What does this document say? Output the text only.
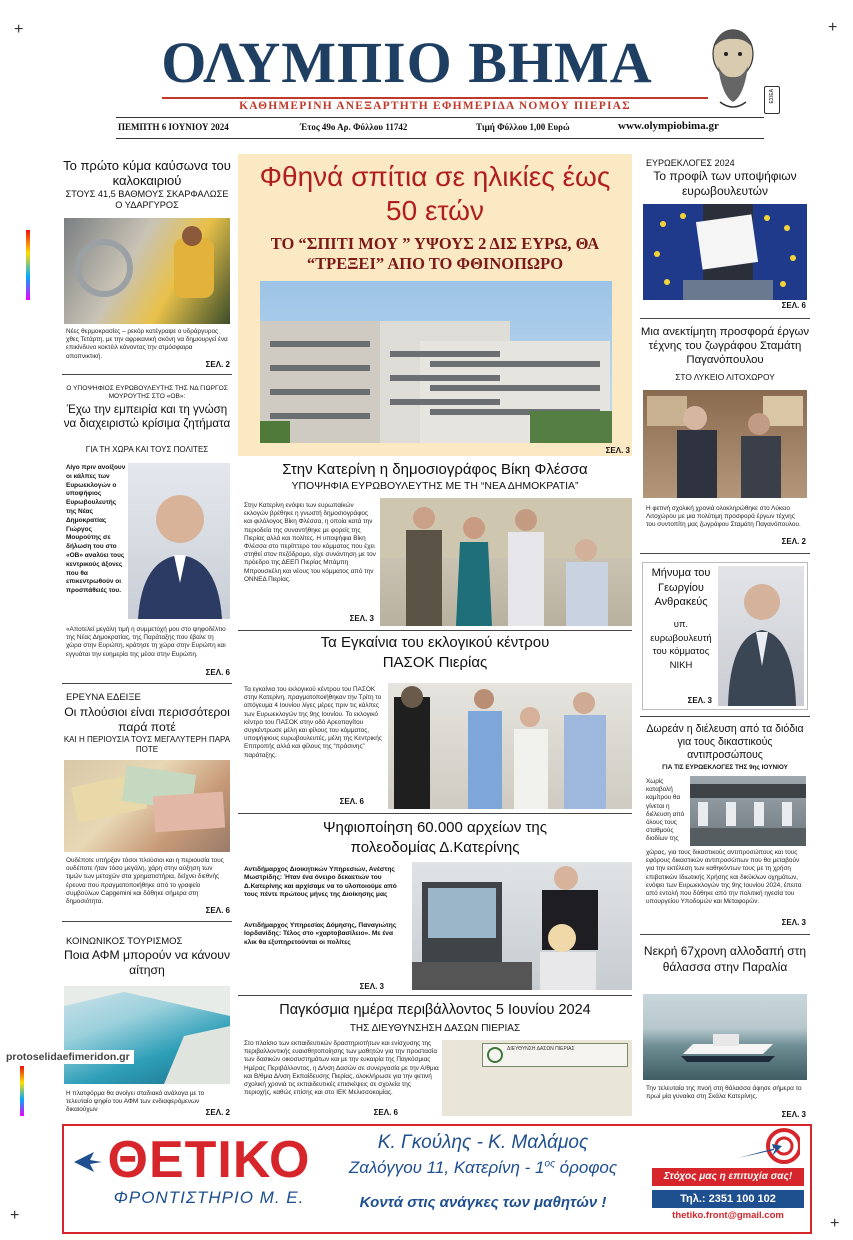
+	+
+	+
ΟΛΥΜΠΙΟ ΒΗΜΑ
ΕΣΙΕΑ
ΚΑΘΗΜΕΡΙΝΗ ΑΝΕΞΑΡΤΗΤΗ ΕΦΗΜΕΡΙΔΑ ΝΟΜΟΥ ΠΙΕΡΙΑΣ
ΠΕΜΠΤΗ 6 ΙΟΥΝΙΟΥ 2024	Έτος 49ο Αρ. Φύλλου 11742	Τιμή Φύλλου 1,00 Ευρώ	www.olympiobima.gr
Το πρώτο κύμα καύσωνα του καλοκαιριού
ΣΤΟΥΣ 41,5 ΒΑΘΜΟΥΣ ΣΚΑΡΦΑΛΩΣΕ Ο ΥΔΑΡΓΥΡΟΣ
Νέες θερμοκρασίες – ρεκόρ κατέγραψε ο υδράργυρος χθες Τετάρτη, με την αφρικανική σκόνη να δημιουργεί ένα επικίνδυνο κοκτέιλ κάνοντας την ατμόσφαιρα αποπνικτική.
ΣΕΛ. 2
Ο ΥΠΟΨΗΦΙΟΣ ΕΥΡΩΒΟΥΛΕΥΤΗΣ ΤΗΣ ΝΔ ΓΙΩΡΓΟΣ ΜΟΥΡΟΥΤΗΣ ΣΤΟ «ΟΒ»:
Έχω την εμπειρία και τη γνώση να διαχειριστώ κρίσιμα ζητήματα
ΓΙΑ ΤΗ ΧΩΡΑ ΚΑΙ ΤΟΥΣ ΠΟΛΙΤΕΣ
Λίγο πριν ανοίξουν οι κάλπες των Ευρωεκλογών ο υποψήφιος Ευρωβουλευτής της Νέας Δημοκρατίας Γιώργος Μουρούτης σε δήλωση του στο «ΟΒ» αναλύει τους κεντρικούς άξονες που θα επικεντρωθούν οι προσπάθειές του.
«Αποτελεί μεγάλη τιμή η συμμετοχή μου στο ψηφοδέλτιο της Νέας Δημοκρατίας, της Παράταξης που έβαλε τη χώρα στην Ευρώπη, κράτησε τη χώρα στην Ευρώπη και εγγυάται την ευημερία της μέσα στην Ευρώπη.
ΣΕΛ. 6
ΕΡΕΥΝΑ ΕΔΕΙΞΕ
Οι πλούσιοι είναι περισσότεροι παρά ποτέ
ΚΑΙ Η ΠΕΡΙΟΥΣΙΑ ΤΟΥΣ ΜΕΓΑΛΥΤΕΡΗ ΠΑΡΑ ΠΟΤΕ
Ουδέποτε υπήρξαν τόσοι πλούσιοι και η περιουσία τους ουδέποτε ήταν τόσο μεγάλη, χάρη στην αύξηση των τιμών των μετοχών στα χρηματιστήρια, δείχνει διεθνής έρευνα που πραγματοποιήθηκε από το γραφείο συμβούλων Capgemini και δόθηκε σήμερα στη δημοσιότητα.
ΣΕΛ. 6
ΚΟΙΝΩΝΙΚΟΣ ΤΟΥΡΙΣΜΟΣ
Ποια ΑΦΜ μπορούν να κάνουν αίτηση
Η πλατφόρμα θα ανοίγει σταδιακά ανάλογα με το τελευταίο ψηφίο του ΑΦΜ των ενδιαφερόμενων δικαιούχων	ΣΕΛ. 2
protoselidaefimeridon.gr
Φθηνά σπίτια σε ηλικίες έως 50 ετών
ΤΟ “ΣΠΙΤΙ ΜΟΥ ” ΥΨΟΥΣ 2 ΔΙΣ ΕΥΡΩ, ΘΑ “ΤΡΕΞΕΙ” ΑΠΟ ΤΟ ΦΘΙΝΟΠΩΡΟ
ΣΕΛ. 3
Στην Κατερίνη η δημοσιογράφος Βίκη Φλέσσα
ΥΠΟΨΗΦΙΑ ΕΥΡΩΒΟΥΛΕΥΤΗΣ ΜΕ ΤΗ “ΝΕΑ ΔΗΜΟΚΡΑΤΙΑ”
Στην Κατερίνη ενόψει των ευρωπαϊκών εκλογών βρέθηκε η γνωστή δημοσιογράφος και φιλόλογος Βίκη Φλέσσα, η οποία κατά την περιοδεία της συναντήθηκε με φορείς της Πιερίας αλλά και πολίτες. Η υποψήφια Βίκη Φλέσσα στο περίπτερο του κόμματος που έχει στηθεί στον πεζόδρομο, είχε συνάντηση με τον πρόεδρο της ΔΕΕΠ Πιερίας Μπάμπη Μπρουσκέλη και νέους του κόμματος από την ΟΝΝΕΔ Πιερίας.
ΣΕΛ. 3
Τα Εγκαίνια του εκλογικού κέντρου ΠΑΣΟΚ Πιερίας
Τα εγκαίνια του εκλογικού κέντρου του ΠΑΣΟΚ στην Κατερίνη, πραγματοποιήθηκαν την Τρίτη το απόγευμα 4 Ιουνίου λίγες μέρες πριν τις κάλπες των Ευρωεκλογών της 9ης Ιουνίου. Το εκλογικό κέντρο του ΠΑΣΟΚ στην οδό Αρεοπαγίτου συγκέντρωσε μέλη και φίλους του κόμματος, υποψήφιους ευρωβουλευτές, μέλη της Κεντρικής Επιτροπής αλλά και φίλους της “πράσινης” παράταξης.
ΣΕΛ. 6
Ψηφιοποίηση 60.000 αρχείων της πολεοδομίας Δ.Κατερίνης
Αντιδήμαρχος Διοικητικών Υπηρεσιών, Ανέστης Μωστρίδης: Ήταν ένα όνειρο δεκαετιών του Δ.Κατερίνης και αρχίσαμε να το υλοποιούμε από τους πέντε πρώτους μήνες της Διοίκησης μας
Αντιδήμαρχος Υπηρεσίας Δόμησης, Παναγιώτης Ιορδανίδης: Τέλος στο «χαρτοβασίλειο». Με ένα κλικ θα εξυπηρετούνται οι πολίτες
ΣΕΛ. 3
Παγκόσμια ημέρα περιβάλλοντος 5 Ιουνίου 2024
ΤΗΣ ΔΙΕΥΘΥΝΣΗΣΗ ΔΑΣΩΝ ΠΙΕΡΙΑΣ
Στο πλαίσιο των εκπαιδευτικών δραστηριοτήτων και ενίσχυσης της περιβαλλοντικής ευαισθητοποίησης των μαθητών για την προστασία των δασικών οικοσυστημάτων και με την ευκαιρία της Παγκόσμιας Ημέρας Περιβάλλοντος, η Δ/νση Δασών σε συνεργασία με την Α/θμια και Β/θμια Δ/νση Εκπαίδευσης Πιερίας, ολοκλήρωσε για την φετινή σχολική χρονιά τις εκπαιδευτικές επισκέψεις σε σχολεία της περιοχής, καθώς επίσης και στο ΙΕΚ Μελισσοκομίας.
ΔΙΕΥΘΥΝΣΗ ΔΑΣΩΝ ΠΙΕΡΙΑΣ
ΣΕΛ. 6
ΕΥΡΩΕΚΛΟΓΕΣ 2024
Το προφίλ των υποψήφιων ευρωβουλευτών
ΣΕΛ. 6
Μια ανεκτίμητη προσφορά έργων τέχνης του ζωγράφου Σταμάτη Παγανόπουλου
ΣΤΟ ΛΥΚΕΙΟ ΛΙΤΟΧΩΡΟΥ
Η φετινή σχολική χρονιά ολοκληρώθηκε στο Λύκειο Λιτοχώρου με μια πολύτιμη προσφορά έργων τέχνης του συντοπίτη μας ζωγράφου Σταμάτη Παγανόπουλου.
ΣΕΛ. 2
Μήνυμα του Γεωργίου Ανθρακεύς
υπ. ευρωβουλευτή του κόμματος ΝΙΚΗ
ΣΕΛ. 3
Δωρεάν η διέλευση από τα διόδια για τους δικαστικούς αντιπροσώπους
ΓΙΑ ΤΙΣ ΕΥΡΩΕΚΛΟΓΕΣ ΤΗΣ 9ης ΙΟΥΝΙΟΥ
Χωρίς καταβολή καμίτρου θα γίνεται η διέλευση από όλους τους σταθμούς διοδίων της
χώρας, για τους δικαστικούς αντιπροσώπους και τους εφόρους δικαστικών αντιπροσώπων που θα μεταβούν για την εκτέλεση των καθηκόντων τους με τη χρήση επιβατικών Ιδιωτικής Χρήσης και δικύκλων οχημάτων, ενόψει των Ευρωεκλογών της 9ης Ιουνίου 2024, έπειτα από εντολή που δόθηκε από την πολιτική ηγεσία του υπουργείου Υποδομών και Μεταφορών.
ΣΕΛ. 3
Νεκρή 67χρονη αλλοδαπή στη θάλασσα στην Παραλία
Την τελευταία της πνοή στη θάλασσα άφησε σήμερα το πρωί μία γυναίκα στη Σκάλα Κατερίνης.
ΣΕΛ. 3
ΘΕΤΙΚΟ
ΦΡΟΝΤΙΣΤΗΡΙΟ Μ. Ε.
Κ. Γκούλης - Κ. Μαλάμος
Ζαλόγγου 11, Κατερίνη - $1^{o\varsigma}$ όροφος
Κοντά στις ανάγκες των μαθητών !
Στόχος μας η επιτυχία σας!
Τηλ.: 2351 100 102
thetiko.front@gmail.com
